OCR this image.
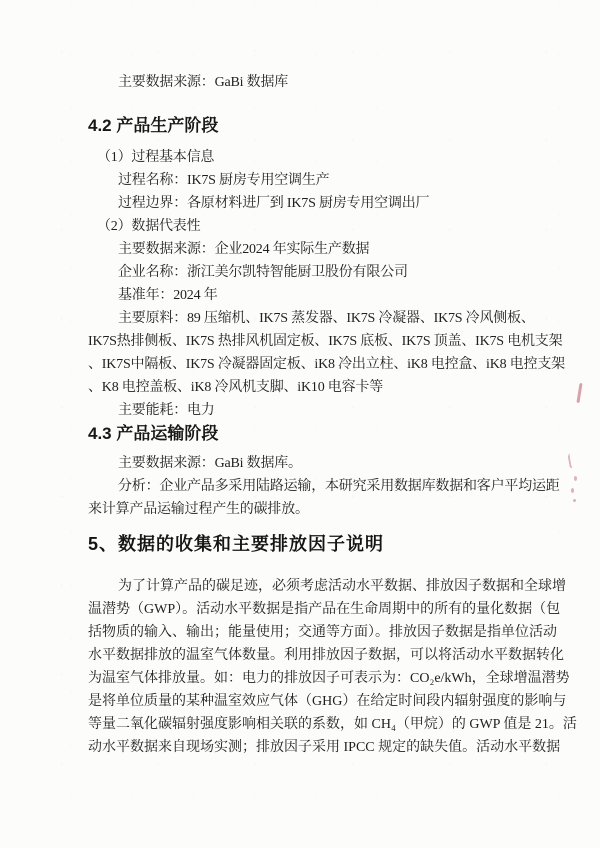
主要数据来源：GaBi 数据库
4.2 产品生产阶段
（1）过程基本信息
过程名称：IK7S 厨房专用空调生产
过程边界：各原材料进厂到 IK7S 厨房专用空调出厂
（2）数据代表性
主要数据来源：企业2024 年实际生产数据
企业名称：浙江美尔凯特智能厨卫股份有限公司
基准年：2024 年
主要原料：89 压缩机、IK7S 蒸发器、IK7S 冷凝器、IK7S 冷风侧板、
IK7S热排侧板、IK7S 热排风机固定板、IK7S 底板、IK7S 顶盖、IK7S 电机支架
、IK7S中隔板、IK7S 冷凝器固定板、iK8 冷出立柱、iK8 电控盒、iK8 电控支架
、K8 电控盖板、iK8 冷风机支脚、iK10 电容卡等
主要能耗：电力
4.3 产品运输阶段
主要数据来源：GaBi 数据库。
分析：企业产品多采用陆路运输，本研究采用数据库数据和客户平均运距
来计算产品运输过程产生的碳排放。
5、数据的收集和主要排放因子说明
为了计算产品的碳足迹，必须考虑活动水平数据、排放因子数据和全球增
温潜势（GWP）。活动水平数据是指产品在生命周期中的所有的量化数据（包
括物质的输入、输出；能量使用；交通等方面）。排放因子数据是指单位活动
水平数据排放的温室气体数量。利用排放因子数据，可以将活动水平数据转化
为温室气体排放量。如：电力的排放因子可表示为：CO₂e/kWh，全球增温潜势
是将单位质量的某种温室效应气体（GHG）在给定时间段内辐射强度的影响与
等量二氧化碳辐射强度影响相关联的系数，如 CH₄（甲烷）的 GWP 值是 21。活
动水平数据来自现场实测；排放因子采用 IPCC 规定的缺失值。活动水平数据
